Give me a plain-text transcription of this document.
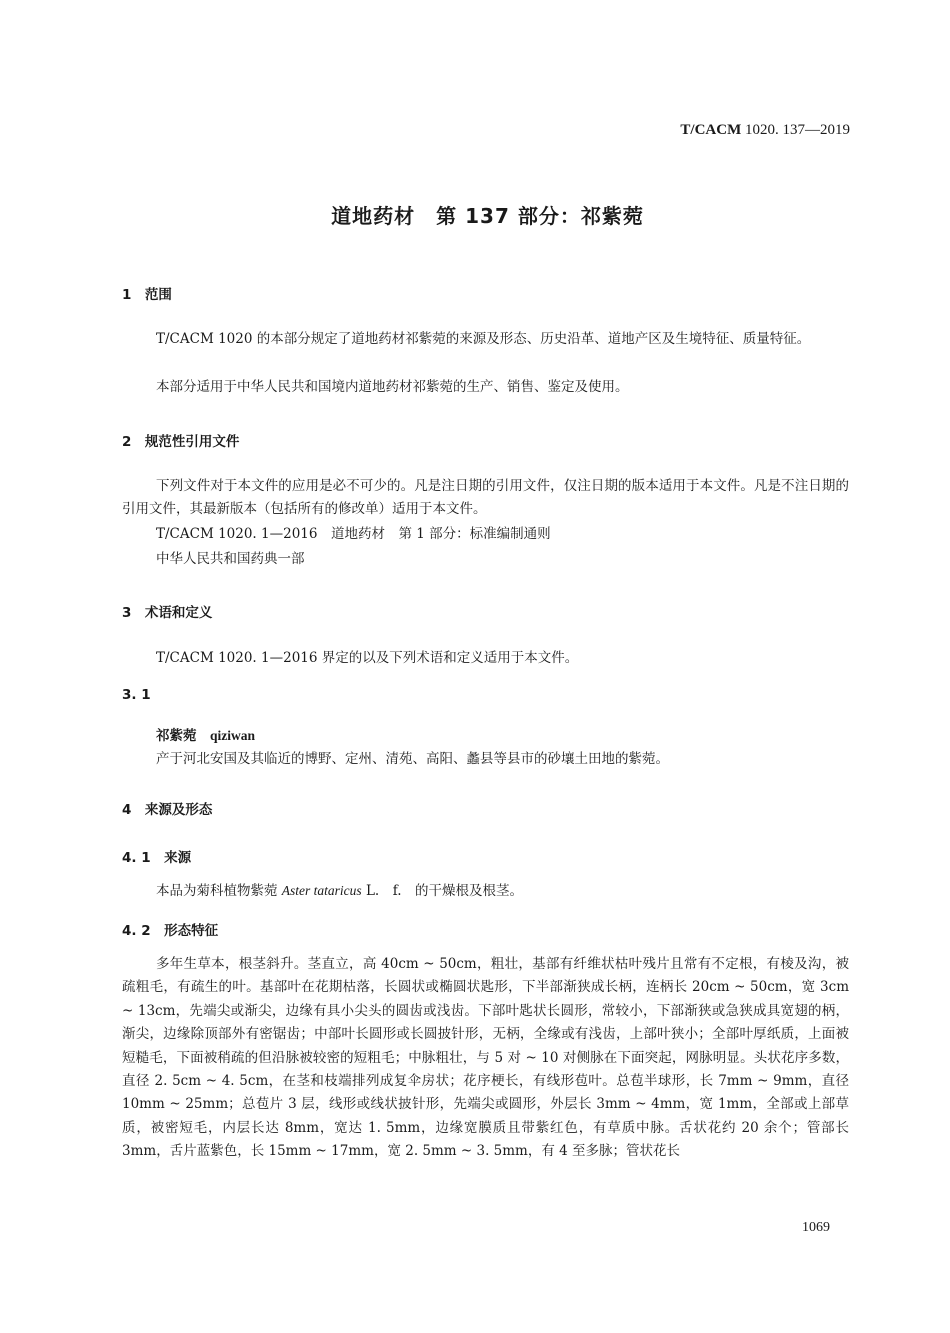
T/CACM 1020. 137—2019
道地药材　第 137 部分：祁紫菀
1　范围
T/CACM 1020 的本部分规定了道地药材祁紫菀的来源及形态、历史沿革、道地产区及生境特征、质量特征。
本部分适用于中华人民共和国境内道地药材祁紫菀的生产、销售、鉴定及使用。
2　规范性引用文件
下列文件对于本文件的应用是必不可少的。凡是注日期的引用文件，仅注日期的版本适用于本文件。凡是不注日期的引用文件，其最新版本（包括所有的修改单）适用于本文件。
T/CACM 1020. 1—2016　道地药材　第 1 部分：标准编制通则
中华人民共和国药典一部
3　术语和定义
T/CACM 1020. 1—2016 界定的以及下列术语和定义适用于本文件。
3. 1
祁紫菀　qiziwan
产于河北安国及其临近的博野、定州、清苑、高阳、蠡县等县市的砂壤土田地的紫菀。
4　来源及形态
4. 1　来源
本品为菊科植物紫菀 Aster tataricus L.　f.　的干燥根及根茎。
4. 2　形态特征
多年生草本，根茎斜升。茎直立，高 40cm ~ 50cm，粗壮，基部有纤维状枯叶残片且常有不定根，有棱及沟，被疏粗毛，有疏生的叶。基部叶在花期枯落，长圆状或椭圆状匙形，下半部渐狭成长柄，连柄长 20cm ~ 50cm，宽 3cm ~ 13cm，先端尖或渐尖，边缘有具小尖头的圆齿或浅齿。下部叶匙状长圆形，常较小，下部渐狭或急狭成具宽翅的柄，渐尖，边缘除顶部外有密锯齿；中部叶长圆形或长圆披针形，无柄，全缘或有浅齿，上部叶狭小；全部叶厚纸质，上面被短糙毛，下面被稍疏的但沿脉被较密的短粗毛；中脉粗壮，与 5 对 ~ 10 对侧脉在下面突起，网脉明显。头状花序多数，直径 2. 5cm ~ 4. 5cm，在茎和枝端排列成复伞房状；花序梗长，有线形苞叶。总苞半球形，长 7mm ~ 9mm，直径 10mm ~ 25mm；总苞片 3 层，线形或线状披针形，先端尖或圆形，外层长 3mm ~ 4mm，宽 1mm，全部或上部草质，被密短毛，内层长达 8mm，宽达 1. 5mm，边缘宽膜质且带紫红色，有草质中脉。舌状花约 20 余个；管部长 3mm，舌片蓝紫色，长 15mm ~ 17mm，宽 2. 5mm ~ 3. 5mm，有 4 至多脉；管状花长
1069
